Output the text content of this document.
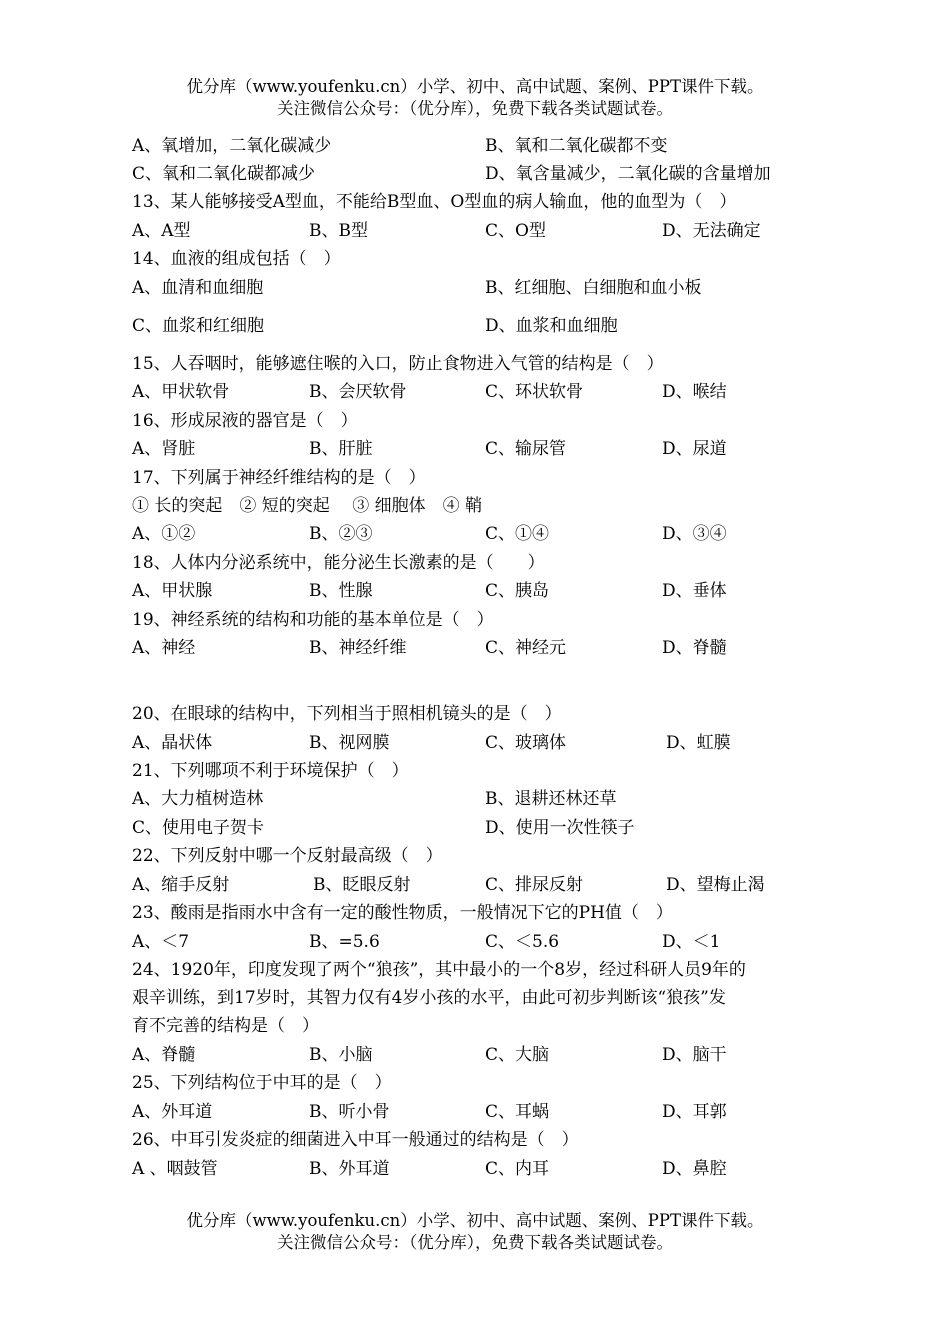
优分库（www.youfenku.cn）小学、初中、高中试题、案例、PPT课件下载。
关注微信公众号：（优分库），免费下载各类试题试卷。
A、氧增加，二氧化碳减少	B、氧和二氧化碳都不变
C、氧和二氧化碳都减少	D、氧含量减少，二氧化碳的含量增加
13、某人能够接受A型血，不能给B型血、O型血的病人输血，他的血型为（　）
A、A型	B、B型	C、O型	D、无法确定
14、血液的组成包括（　）
A、血清和血细胞	B、红细胞、白细胞和血小板
C、血浆和红细胞	D、血浆和血细胞
15、人吞咽时，能够遮住喉的入口，防止食物进入气管的结构是（　）
A、甲状软骨	B、会厌软骨	C、环状软骨	D、喉结
16、形成尿液的器官是（　）
A、肾脏	B、肝脏	C、输尿管	D、尿道
17、下列属于神经纤维结构的是（　）
① 长的突起　② 短的突起　 ③ 细胞体　④ 鞘
A、①②	B、②③	C、①④	D、③④
18、人体内分泌系统中，能分泌生长激素的是（　　）
A、甲状腺	B、性腺	C、胰岛	D、垂体
19、神经系统的结构和功能的基本单位是（　）
A、神经	B、神经纤维	C、神经元	D、脊髓
20、在眼球的结构中，下列相当于照相机镜头的是（　）
A、晶状体	B、视网膜	C、玻璃体	D、虹膜
21、下列哪项不利于环境保护（　）
A、大力植树造林	B、退耕还林还草
C、使用电子贺卡	D、使用一次性筷子
22、下列反射中哪一个反射最高级（　）
A、缩手反射	B、眨眼反射	C、排尿反射	D、望梅止渴
23、酸雨是指雨水中含有一定的酸性物质，一般情况下它的PH值（　）
A、＜7	B、=5.6	C、＜5.6	D、＜1
24、1920年，印度发现了两个“狼孩”，其中最小的一个8岁，经过科研人员9年的
艰辛训练，到17岁时，其智力仅有4岁小孩的水平，由此可初步判断该“狼孩”发
育不完善的结构是（　）
A、脊髓	B、小脑	C、大脑	D、脑干
25、下列结构位于中耳的是（　）
A、外耳道	B、听小骨	C、耳蜗	D、耳郭
26、中耳引发炎症的细菌进入中耳一般通过的结构是（　）
A 、咽鼓管	B、外耳道	C、内耳	D、鼻腔
优分库（www.youfenku.cn）小学、初中、高中试题、案例、PPT课件下载。
关注微信公众号：（优分库），免费下载各类试题试卷。
